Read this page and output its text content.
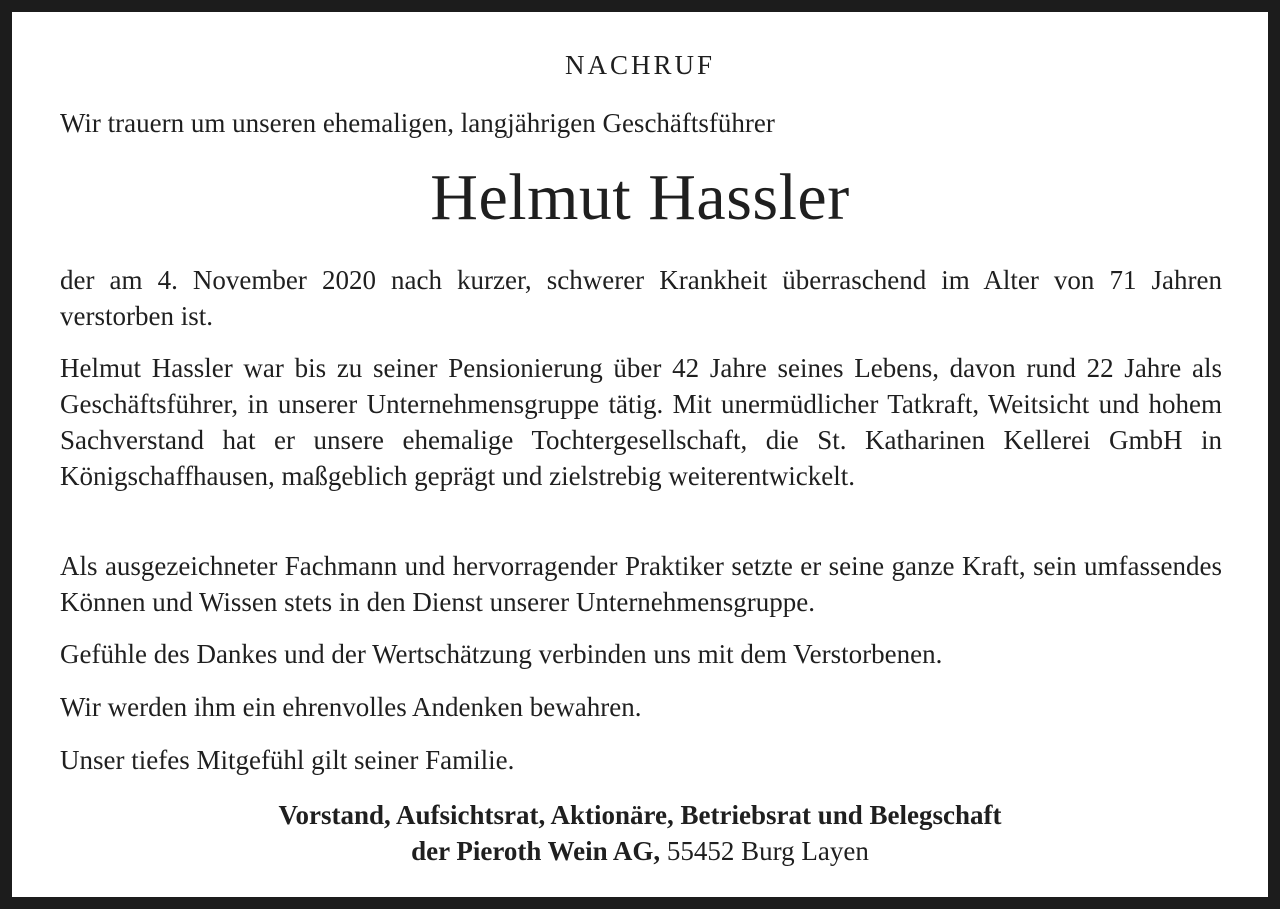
NACHRUF
Wir trauern um unseren ehemaligen, langjährigen Geschäftsführer
Helmut Hassler

der am 4. November 2020 nach kurzer, schwerer Krankheit überraschend im Alter von 71 Jahren verstorben ist.

Helmut Hassler war bis zu seiner Pensionierung über 42 Jahre seines Lebens, davon rund 22 Jahre als Geschäftsführer, in unserer Unternehmensgruppe tätig. Mit unermüdlicher Tatkraft, Weitsicht und hohem Sachverstand hat er unsere ehemalige Tochtergesellschaft, die St. Katharinen Kellerei GmbH in Königschaffhausen, maßgeblich geprägt und zielstrebig weiterentwickelt.

Als ausgezeichneter Fachmann und hervorragender Praktiker setzte er seine ganze Kraft, sein umfassendes Können und Wissen stets in den Dienst unserer Unternehmensgruppe.

Gefühle des Dankes und der Wertschätzung verbinden uns mit dem Verstorbenen.

Wir werden ihm ein ehrenvolles Andenken bewahren.

Unser tiefes Mitgefühl gilt seiner Familie.

Vorstand, Aufsichtsrat, Aktionäre, Betriebsrat und Belegschaft
der Pieroth Wein AG, 55452 Burg Layen
